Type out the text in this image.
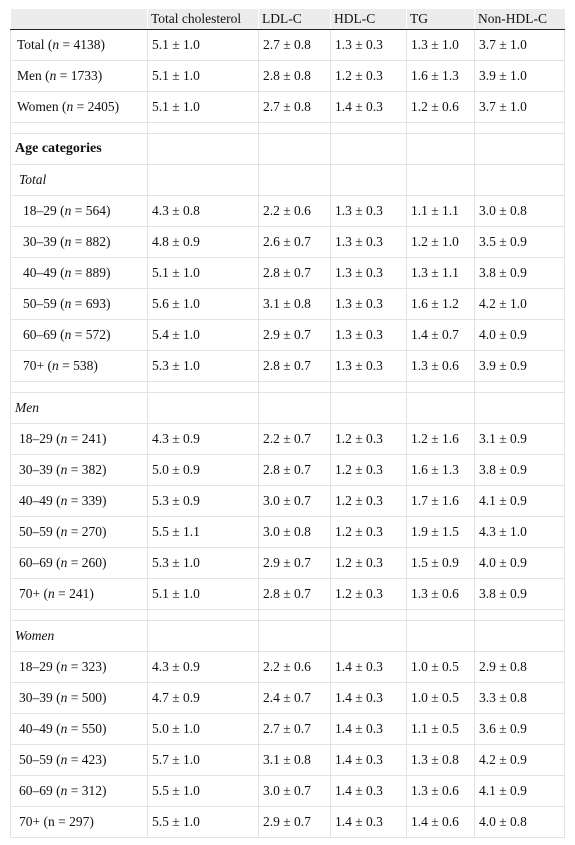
	Total cholesterol	LDL-C	HDL-C	TG	Non-HDL-C
Total (n = 4138)	5.1 ± 1.0	2.7 ± 0.8	1.3 ± 0.3	1.3 ± 1.0	3.7 ± 1.0
Men (n = 1733)	5.1 ± 1.0	2.8 ± 0.8	1.2 ± 0.3	1.6 ± 1.3	3.9 ± 1.0
Women (n = 2405)	5.1 ± 1.0	2.7 ± 0.8	1.4 ± 0.3	1.2 ± 0.6	3.7 ± 1.0

Age categories					
Total					
18–29 (n = 564)	4.3 ± 0.8	2.2 ± 0.6	1.3 ± 0.3	1.1 ± 1.1	3.0 ± 0.8
30–39 (n = 882)	4.8 ± 0.9	2.6 ± 0.7	1.3 ± 0.3	1.2 ± 1.0	3.5 ± 0.9
40–49 (n = 889)	5.1 ± 1.0	2.8 ± 0.7	1.3 ± 0.3	1.3 ± 1.1	3.8 ± 0.9
50–59 (n = 693)	5.6 ± 1.0	3.1 ± 0.8	1.3 ± 0.3	1.6 ± 1.2	4.2 ± 1.0
60–69 (n = 572)	5.4 ± 1.0	2.9 ± 0.7	1.3 ± 0.3	1.4 ± 0.7	4.0 ± 0.9
70+ (n = 538)	5.3 ± 1.0	2.8 ± 0.7	1.3 ± 0.3	1.3 ± 0.6	3.9 ± 0.9

Men					
18–29 (n = 241)	4.3 ± 0.9	2.2 ± 0.7	1.2 ± 0.3	1.2 ± 1.6	3.1 ± 0.9
30–39 (n = 382)	5.0 ± 0.9	2.8 ± 0.7	1.2 ± 0.3	1.6 ± 1.3	3.8 ± 0.9
40–49 (n = 339)	5.3 ± 0.9	3.0 ± 0.7	1.2 ± 0.3	1.7 ± 1.6	4.1 ± 0.9
50–59 (n = 270)	5.5 ± 1.1	3.0 ± 0.8	1.2 ± 0.3	1.9 ± 1.5	4.3 ± 1.0
60–69 (n = 260)	5.3 ± 1.0	2.9 ± 0.7	1.2 ± 0.3	1.5 ± 0.9	4.0 ± 0.9
70+ (n = 241)	5.1 ± 1.0	2.8 ± 0.7	1.2 ± 0.3	1.3 ± 0.6	3.8 ± 0.9

Women					
18–29 (n = 323)	4.3 ± 0.9	2.2 ± 0.6	1.4 ± 0.3	1.0 ± 0.5	2.9 ± 0.8
30–39 (n = 500)	4.7 ± 0.9	2.4 ± 0.7	1.4 ± 0.3	1.0 ± 0.5	3.3 ± 0.8
40–49 (n = 550)	5.0 ± 1.0	2.7 ± 0.7	1.4 ± 0.3	1.1 ± 0.5	3.6 ± 0.9
50–59 (n = 423)	5.7 ± 1.0	3.1 ± 0.8	1.4 ± 0.3	1.3 ± 0.8	4.2 ± 0.9
60–69 (n = 312)	5.5 ± 1.0	3.0 ± 0.7	1.4 ± 0.3	1.3 ± 0.6	4.1 ± 0.9
70+ (n = 297)	5.5 ± 1.0	2.9 ± 0.7	1.4 ± 0.3	1.4 ± 0.6	4.0 ± 0.8
